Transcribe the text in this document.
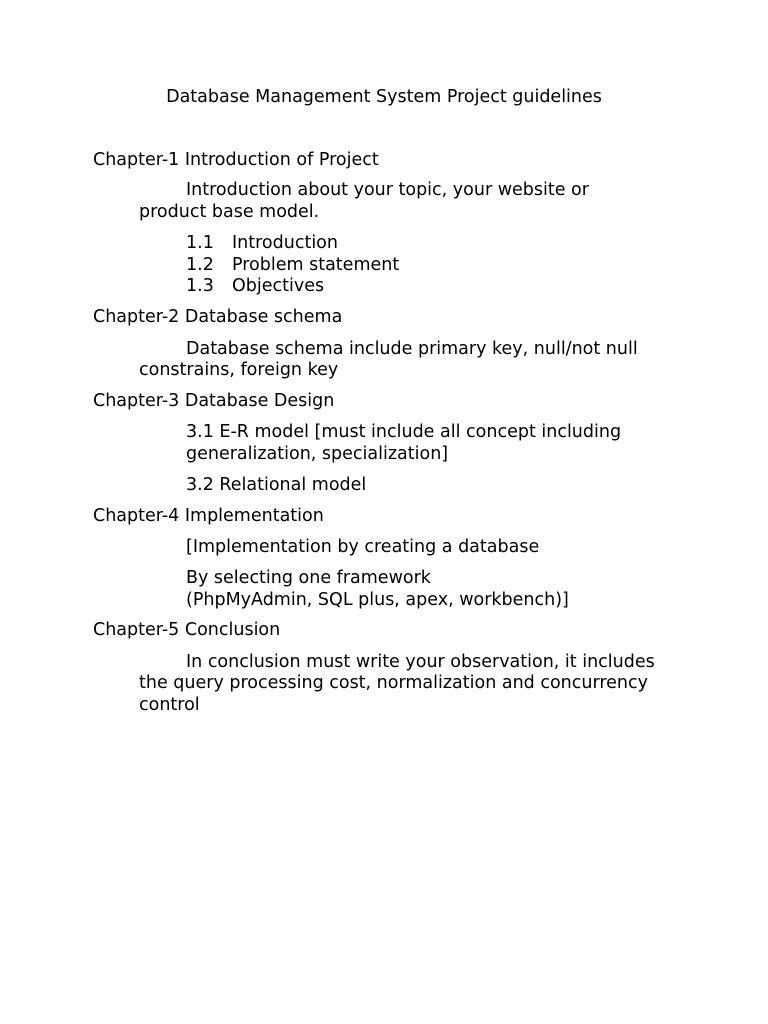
Database Management System Project guidelines
Chapter-1 Introduction of Project
Introduction about your topic, your website or
product base model.
1.1 Introduction
1.2 Problem statement
1.3 Objectives
Chapter-2 Database schema
Database schema include primary key, null/not null
constrains, foreign key
Chapter-3 Database Design
3.1 E-R model [must include all concept including
generalization, specialization]
3.2 Relational model
Chapter-4 Implementation
[Implementation by creating a database
By selecting one framework
(PhpMyAdmin, SQL plus, apex, workbench)]
Chapter-5 Conclusion
In conclusion must write your observation, it includes
the query processing cost, normalization and concurrency
control
